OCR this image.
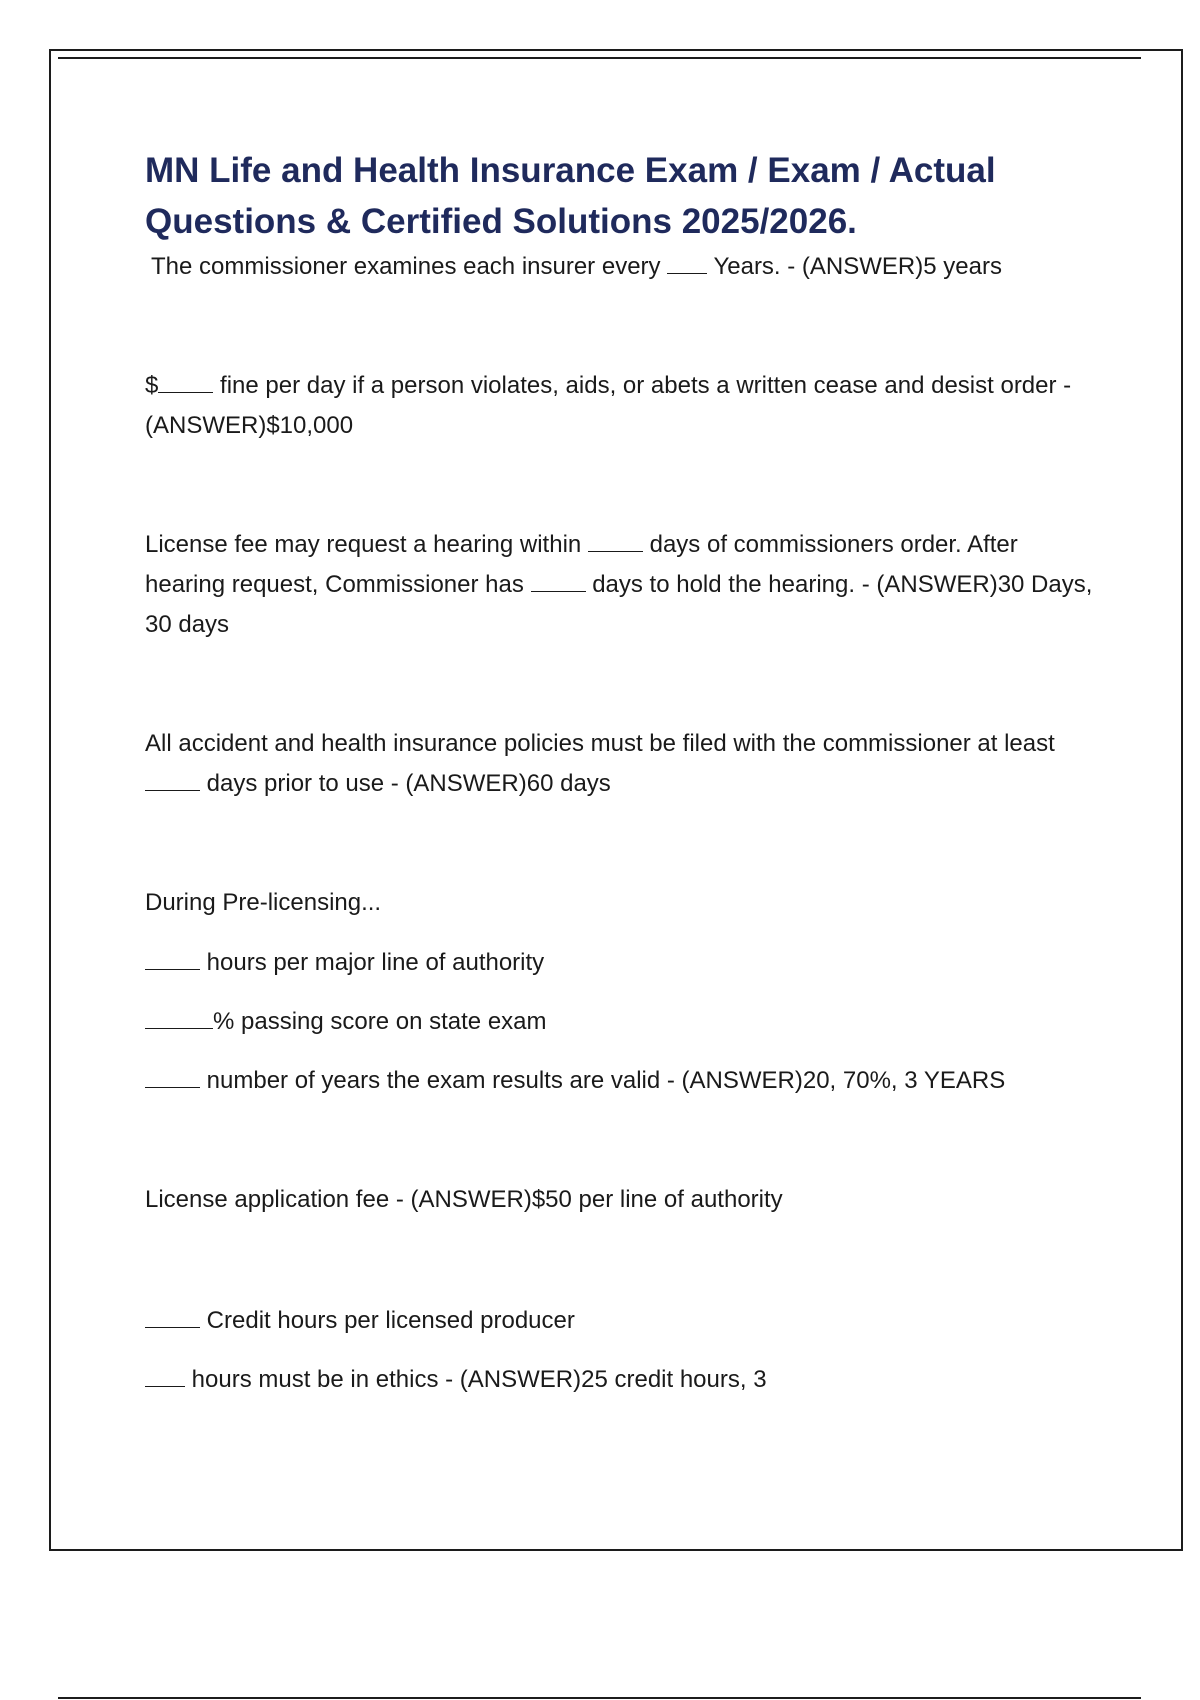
MN Life and Health Insurance Exam / Exam / Actual Questions & Certified Solutions 2025/2026.

The commissioner examines each insurer every Years. - (ANSWER)5 years

$	fine per day if a person violates, aids, or abets a written cease and desist order - (ANSWER)$10,000

License fee may request a hearing within	days of commissioners order. After hearing request, Commissioner has	days to hold the hearing. - (ANSWER)30 Days, 30 days

All accident and health insurance policies must be filed with the commissioner at least  days prior to use - (ANSWER)60 days

During Pre-licensing...

hours per major line of authority

% passing score on state exam

number of years the exam results are valid - (ANSWER)20, 70%, 3 YEARS

License application fee - (ANSWER)$50 per line of authority

Credit hours per licensed producer

hours must be in ethics - (ANSWER)25 credit hours, 3
